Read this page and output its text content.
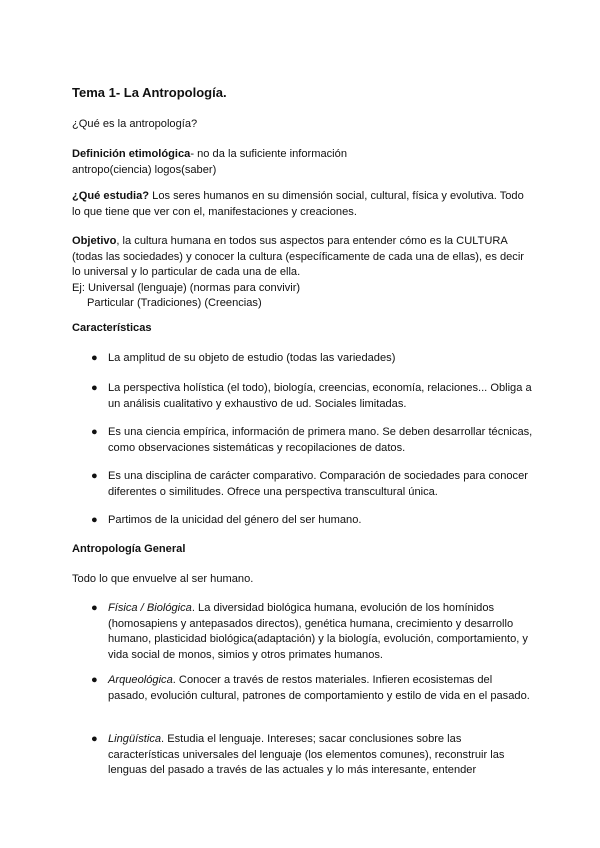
Tema 1- La Antropología.
¿Qué es la antropología?
Definición etimológica- no da la suficiente información
antropo(ciencia) logos(saber)
¿Qué estudia? Los seres humanos en su dimensión social, cultural, física y evolutiva. Todo lo que tiene que ver con el, manifestaciones y creaciones.
Objetivo, la cultura humana en todos sus aspectos para entender cómo es la CULTURA (todas las sociedades) y conocer la cultura (específicamente de cada una de ellas), es decir lo universal y lo particular de cada una de ella.
Ej: Universal (lenguaje) (normas para convivir)
Particular (Tradiciones) (Creencias)
Características
● La amplitud de su objeto de estudio (todas las variedades)
● La perspectiva holística (el todo), biología, creencias, economía, relaciones... Obliga a un análisis cualitativo y exhaustivo de ud. Sociales limitadas.
● Es una ciencia empírica, información de primera mano. Se deben desarrollar técnicas, como observaciones sistemáticas y recopilaciones de datos.
● Es una disciplina de carácter comparativo. Comparación de sociedades para conocer diferentes o similitudes. Ofrece una perspectiva transcultural única.
● Partimos de la unicidad del género del ser humano.
Antropología General
Todo lo que envuelve al ser humano.
● Física / Biológica. La diversidad biológica humana, evolución de los homínidos (homosapiens y antepasados directos), genética humana, crecimiento y desarrollo humano, plasticidad biológica(adaptación) y la biología, evolución, comportamiento, y vida social de monos, simios y otros primates humanos.
● Arqueológica. Conocer a través de restos materiales. Infieren ecosistemas del pasado, evolución cultural, patrones de comportamiento y estilo de vida en el pasado.
● Lingüística. Estudia el lenguaje. Intereses; sacar conclusiones sobre las características universales del lenguaje (los elementos comunes), reconstruir las lenguas del pasado a través de las actuales y lo más interesante, entender
